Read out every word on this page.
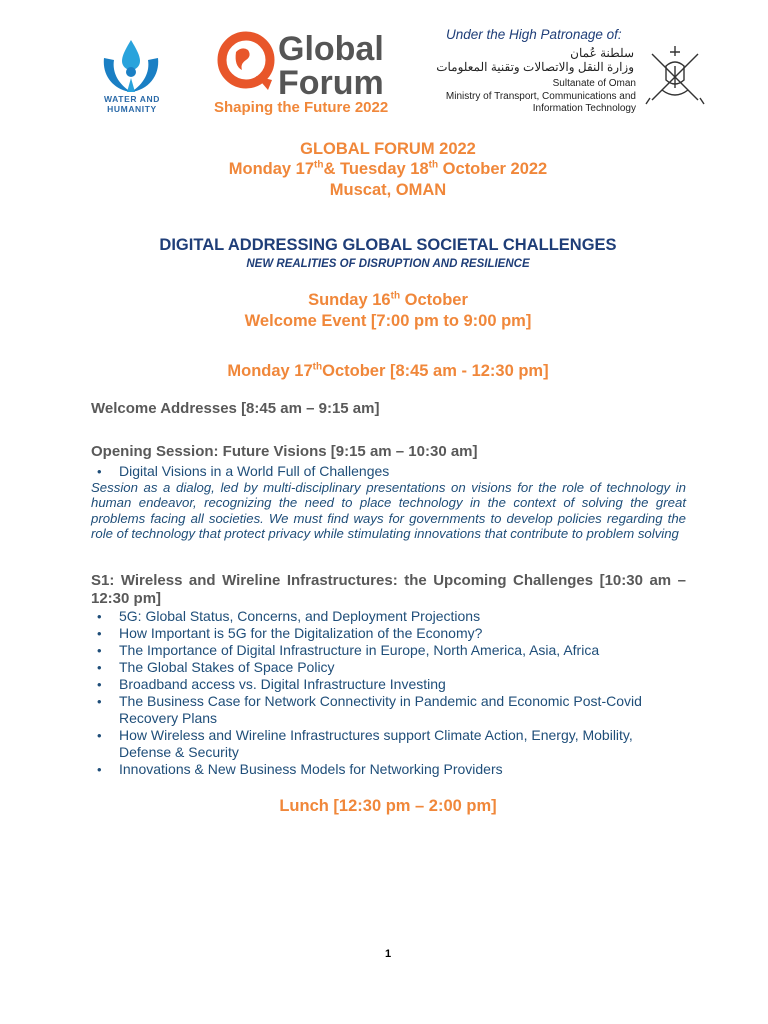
WATER AND
HUMANITY
Global
Forum
Shaping the Future 2022
Under the High Patronage of:
سلطنة عُمان
وزارة النقل والاتصالات وتقنية المعلومات
Sultanate of Oman
Ministry of Transport, Communications and
Information Technology
GLOBAL FORUM 2022
Monday 17th& Tuesday 18th October 2022
Muscat, OMAN
DIGITAL ADDRESSING GLOBAL SOCIETAL CHALLENGES
NEW REALITIES OF DISRUPTION AND RESILIENCE
Sunday 16th October
Welcome Event [7:00 pm to 9:00 pm]
Monday 17thOctober [8:45 am - 12:30 pm]
Welcome Addresses [8:45 am – 9:15 am]
Opening Session: Future Visions [9:15 am – 10:30 am]
• Digital Visions in a World Full of Challenges

Session as a dialog, led by multi-disciplinary presentations on visions for the role of technology in human endeavor, recognizing the need to place technology in the context of solving the great problems facing all societies. We must find ways for governments to develop policies regarding the role of technology that protect privacy while stimulating innovations that contribute to problem solving

S1: Wireless and Wireline Infrastructures: the Upcoming Challenges [10:30 am – 12:30 pm]
• 5G: Global Status, Concerns, and Deployment Projections
• How Important is 5G for the Digitalization of the Economy?
• The Importance of Digital Infrastructure in Europe, North America, Asia, Africa
• The Global Stakes of Space Policy
• Broadband access vs. Digital Infrastructure Investing
• The Business Case for Network Connectivity in Pandemic and Economic Post-Covid Recovery Plans
• How Wireless and Wireline Infrastructures support Climate Action, Energy, Mobility, Defense & Security
• Innovations & New Business Models for Networking Providers
Lunch [12:30 pm – 2:00 pm]
1
